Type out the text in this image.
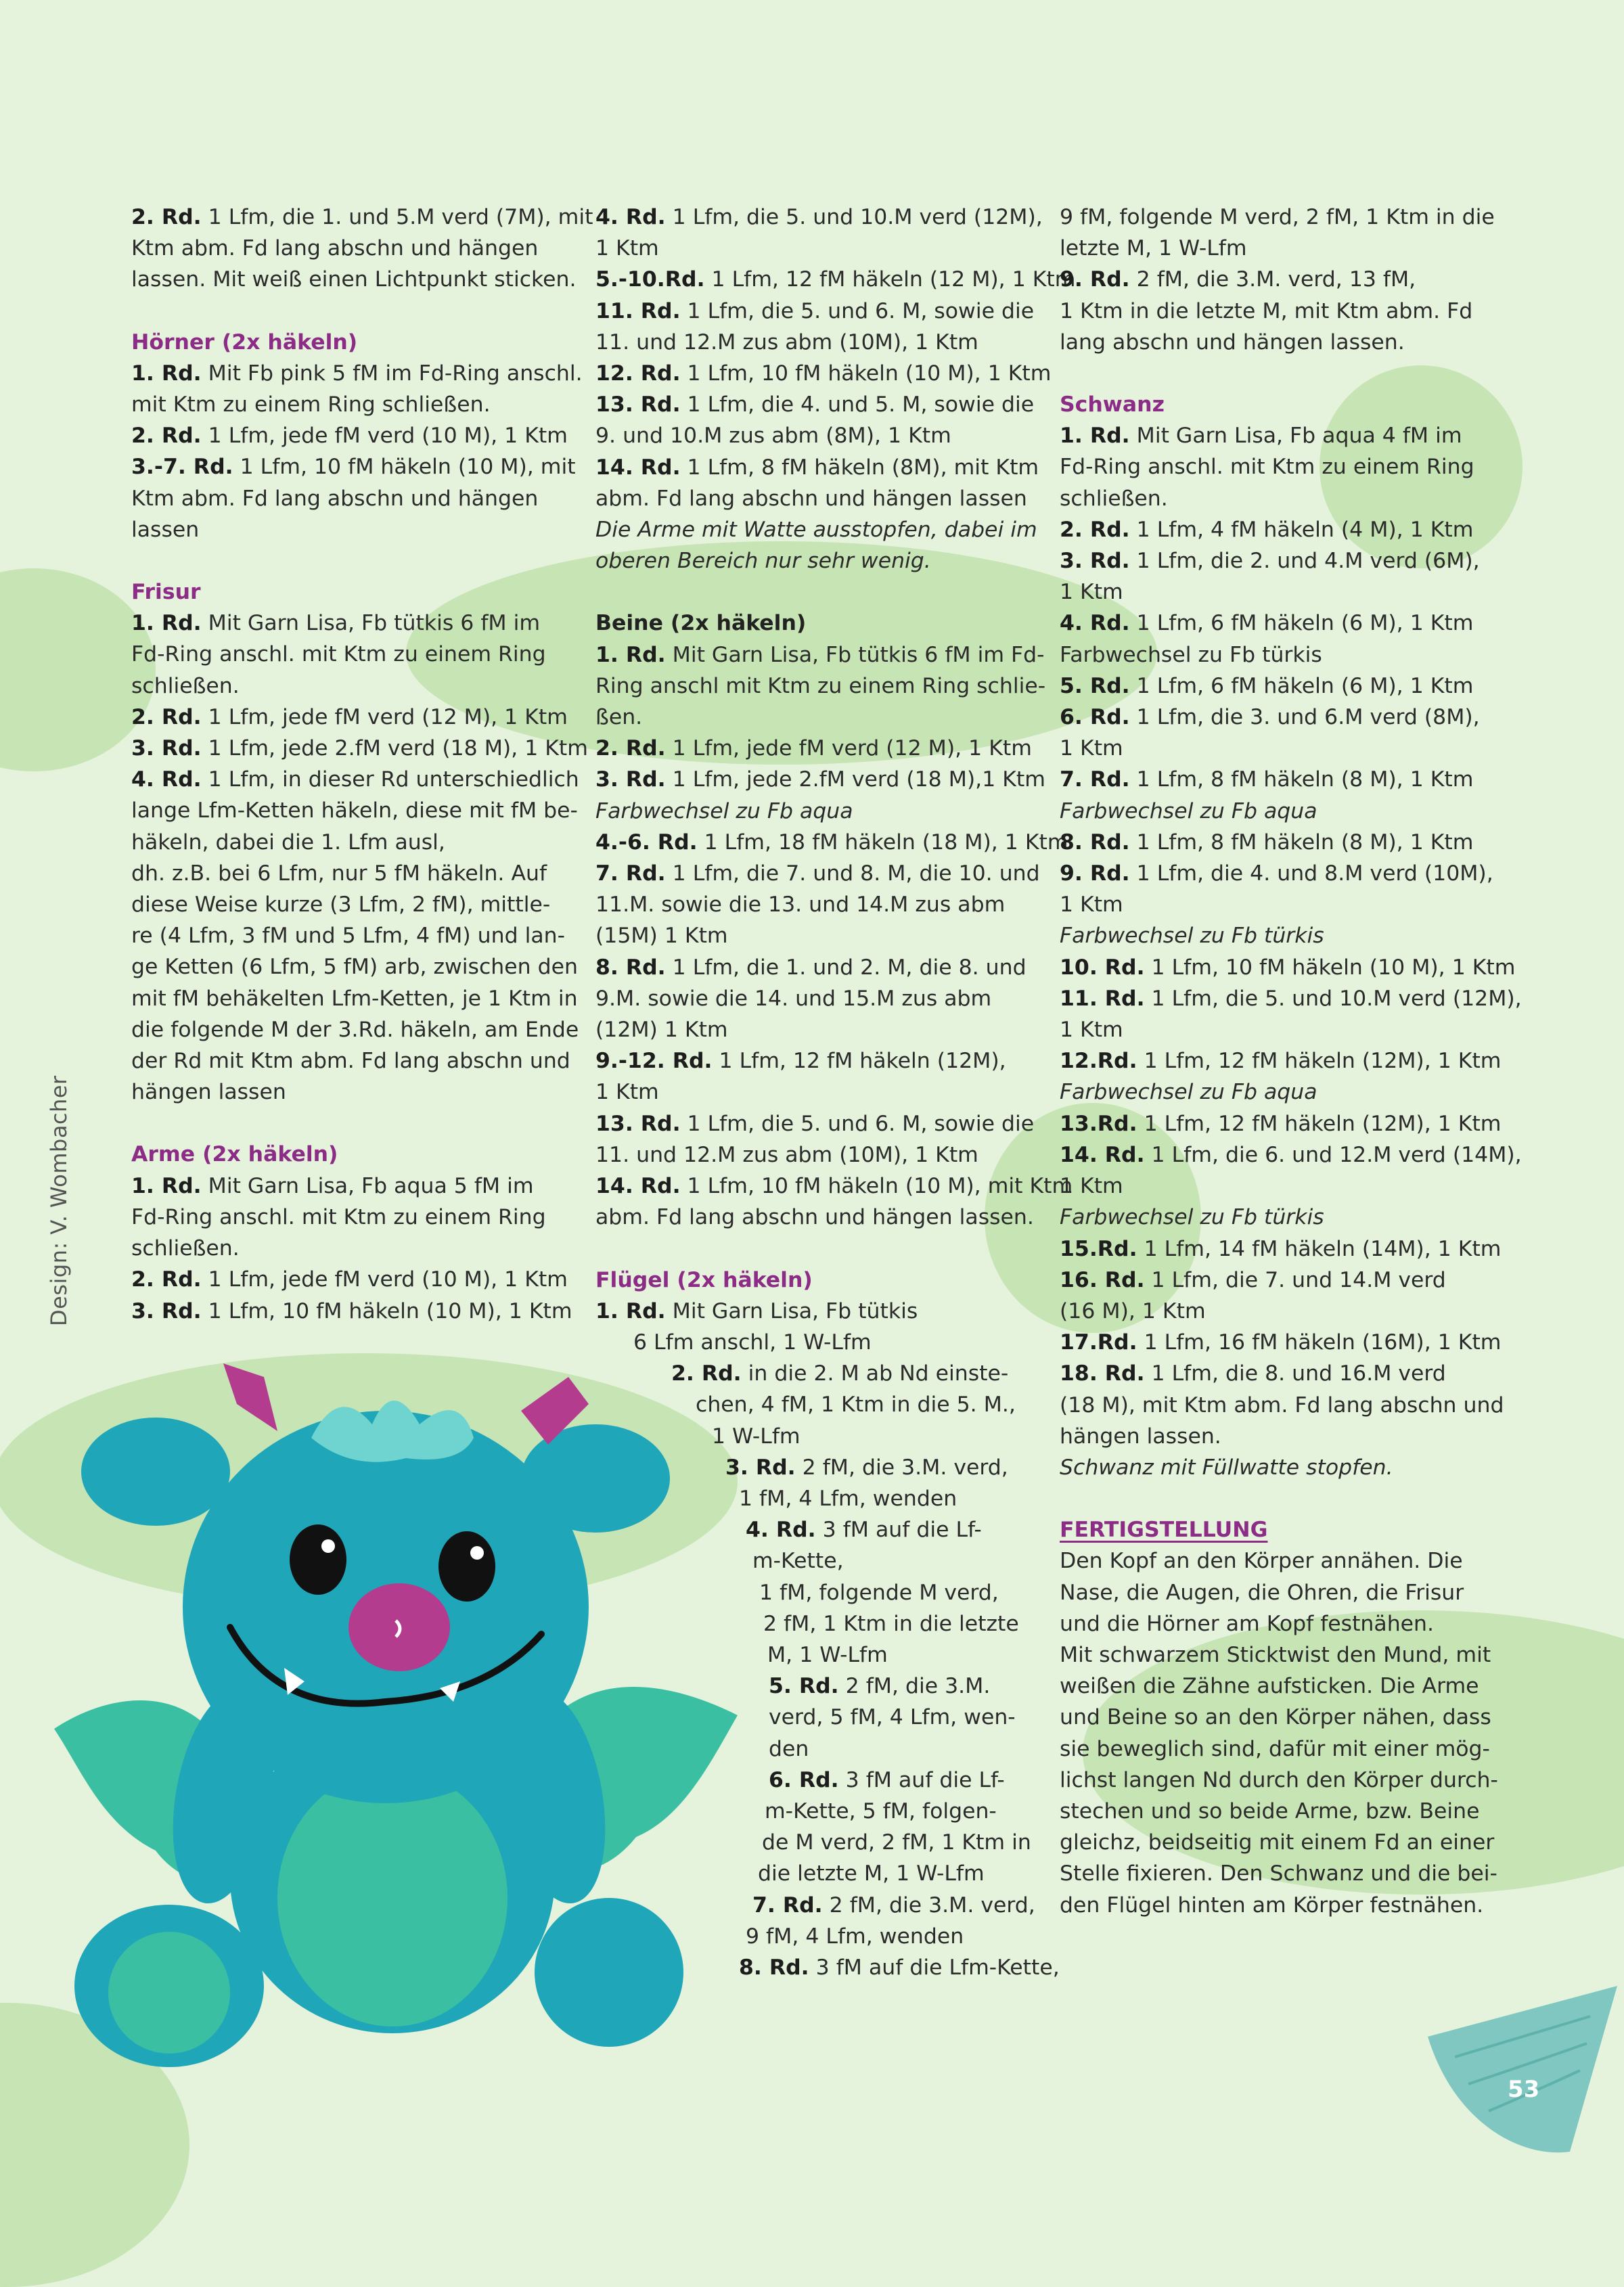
Design: V. Wombacher

2. Rd. 1 Lfm, die 1. und 5.M verd (7M), mit

Ktm abm. Fd lang abschn und hängen

lassen. Mit weiß einen Lichtpunkt sticken.

Hörner (2x häkeln)

1. Rd. Mit Fb pink 5 fM im Fd-Ring anschl.

mit Ktm zu einem Ring schließen.

2. Rd. 1 Lfm, jede fM verd (10 M), 1 Ktm

3.-7. Rd. 1 Lfm, 10 fM häkeln (10 M), mit

Ktm abm. Fd lang abschn und hängen

lassen

Frisur

1. Rd. Mit Garn Lisa, Fb tütkis 6 fM im

Fd-Ring anschl. mit Ktm zu einem Ring

schließen.

2. Rd. 1 Lfm, jede fM verd (12 M), 1 Ktm

3. Rd. 1 Lfm, jede 2.fM verd (18 M), 1 Ktm

4. Rd. 1 Lfm, in dieser Rd unterschiedlich

lange Lfm-Ketten häkeln, diese mit fM be-

häkeln, dabei die 1. Lfm ausl,

dh. z.B. bei 6 Lfm, nur 5 fM häkeln. Auf

diese Weise kurze (3 Lfm, 2 fM), mittle-

re (4 Lfm, 3 fM und 5 Lfm, 4 fM) und lan-

ge Ketten (6 Lfm, 5 fM) arb, zwischen den

mit fM behäkelten Lfm-Ketten, je 1 Ktm in

die folgende M der 3.Rd. häkeln, am Ende

der Rd mit Ktm abm. Fd lang abschn und

hängen lassen

Arme (2x häkeln)

1. Rd. Mit Garn Lisa, Fb aqua 5 fM im

Fd-Ring anschl. mit Ktm zu einem Ring

schließen.

2. Rd. 1 Lfm, jede fM verd (10 M), 1 Ktm

3. Rd. 1 Lfm, 10 fM häkeln (10 M), 1 Ktm

4. Rd. 1 Lfm, die 5. und 10.M verd (12M),

1 Ktm

5.-10.Rd. 1 Lfm, 12 fM häkeln (12 M), 1 Ktm

11. Rd. 1 Lfm, die 5. und 6. M, sowie die

11. und 12.M zus abm (10M), 1 Ktm

12. Rd. 1 Lfm, 10 fM häkeln (10 M), 1 Ktm

13. Rd. 1 Lfm, die 4. und 5. M, sowie die

9. und 10.M zus abm (8M), 1 Ktm

14. Rd. 1 Lfm, 8 fM häkeln (8M), mit Ktm

abm. Fd lang abschn und hängen lassen

Die Arme mit Watte ausstopfen, dabei im

oberen Bereich nur sehr wenig.

Beine (2x häkeln)

1. Rd. Mit Garn Lisa, Fb tütkis 6 fM im Fd-

Ring anschl mit Ktm zu einem Ring schlie-

ßen.

2. Rd. 1 Lfm, jede fM verd (12 M), 1 Ktm

3. Rd. 1 Lfm, jede 2.fM verd (18 M),1 Ktm

Farbwechsel zu Fb aqua

4.-6. Rd. 1 Lfm, 18 fM häkeln (18 M), 1 Ktm

7. Rd. 1 Lfm, die 7. und 8. M, die 10. und

11.M. sowie die 13. und 14.M zus abm

(15M) 1 Ktm

8. Rd. 1 Lfm, die 1. und 2. M, die 8. und

9.M. sowie die 14. und 15.M zus abm

(12M) 1 Ktm

9.-12. Rd. 1 Lfm, 12 fM häkeln (12M),

1 Ktm

13. Rd. 1 Lfm, die 5. und 6. M, sowie die

11. und 12.M zus abm (10M), 1 Ktm

14. Rd. 1 Lfm, 10 fM häkeln (10 M), mit Ktm

abm. Fd lang abschn und hängen lassen.

Flügel (2x häkeln)

1. Rd. Mit Garn Lisa, Fb tütkis

6 Lfm anschl, 1 W-Lfm

2. Rd. in die 2. M ab Nd einste-

chen, 4 fM, 1 Ktm in die 5. M.,

1 W-Lfm

3. Rd. 2 fM, die 3.M. verd,

1 fM, 4 Lfm, wenden

4. Rd. 3 fM auf die Lf-

m-Kette,

1 fM, folgende M verd,

2 fM, 1 Ktm in die letzte

M, 1 W-Lfm

5. Rd. 2 fM, die 3.M.

verd, 5 fM, 4 Lfm, wen-

den

6. Rd. 3 fM auf die Lf-

m-Kette, 5 fM, folgen-

de M verd, 2 fM, 1 Ktm in

die letzte M, 1 W-Lfm

7. Rd. 2 fM, die 3.M. verd,

9 fM, 4 Lfm, wenden

8. Rd. 3 fM auf die Lfm-Kette,

9 fM, folgende M verd, 2 fM, 1 Ktm in die

letzte M, 1 W-Lfm

9. Rd. 2 fM, die 3.M. verd, 13 fM,

1 Ktm in die letzte M, mit Ktm abm. Fd

lang abschn und hängen lassen.

Schwanz

1. Rd. Mit Garn Lisa, Fb aqua 4 fM im

Fd-Ring anschl. mit Ktm zu einem Ring

schließen.

2. Rd. 1 Lfm, 4 fM häkeln (4 M), 1 Ktm

3. Rd. 1 Lfm, die 2. und 4.M verd (6M),

1 Ktm

4. Rd. 1 Lfm, 6 fM häkeln (6 M), 1 Ktm

Farbwechsel zu Fb türkis

5. Rd. 1 Lfm, 6 fM häkeln (6 M), 1 Ktm

6. Rd. 1 Lfm, die 3. und 6.M verd (8M),

1 Ktm

7. Rd. 1 Lfm, 8 fM häkeln (8 M), 1 Ktm

Farbwechsel zu Fb aqua

8. Rd. 1 Lfm, 8 fM häkeln (8 M), 1 Ktm

9. Rd. 1 Lfm, die 4. und 8.M verd (10M),

1 Ktm

Farbwechsel zu Fb türkis

10. Rd. 1 Lfm, 10 fM häkeln (10 M), 1 Ktm

11. Rd. 1 Lfm, die 5. und 10.M verd (12M),

1 Ktm

12.Rd. 1 Lfm, 12 fM häkeln (12M), 1 Ktm

Farbwechsel zu Fb aqua

13.Rd. 1 Lfm, 12 fM häkeln (12M), 1 Ktm

14. Rd. 1 Lfm, die 6. und 12.M verd (14M),

1 Ktm

Farbwechsel zu Fb türkis

15.Rd. 1 Lfm, 14 fM häkeln (14M), 1 Ktm

16. Rd. 1 Lfm, die 7. und 14.M verd

(16 M), 1 Ktm

17.Rd. 1 Lfm, 16 fM häkeln (16M), 1 Ktm

18. Rd. 1 Lfm, die 8. und 16.M verd

(18 M), mit Ktm abm. Fd lang abschn und

hängen lassen.

Schwanz mit Füllwatte stopfen.

FERTIGSTELLUNG

Den Kopf an den Körper annähen. Die

Nase, die Augen, die Ohren, die Frisur

und die Hörner am Kopf festnähen.

Mit schwarzem Sticktwist den Mund, mit

weißen die Zähne aufsticken. Die Arme

und Beine so an den Körper nähen, dass

sie beweglich sind, dafür mit einer mög-

lichst langen Nd durch den Körper durch-

stechen und so beide Arme, bzw. Beine

gleichz, beidseitig mit einem Fd an einer

Stelle fixieren. Den Schwanz und die bei-

den Flügel hinten am Körper festnähen.

53
